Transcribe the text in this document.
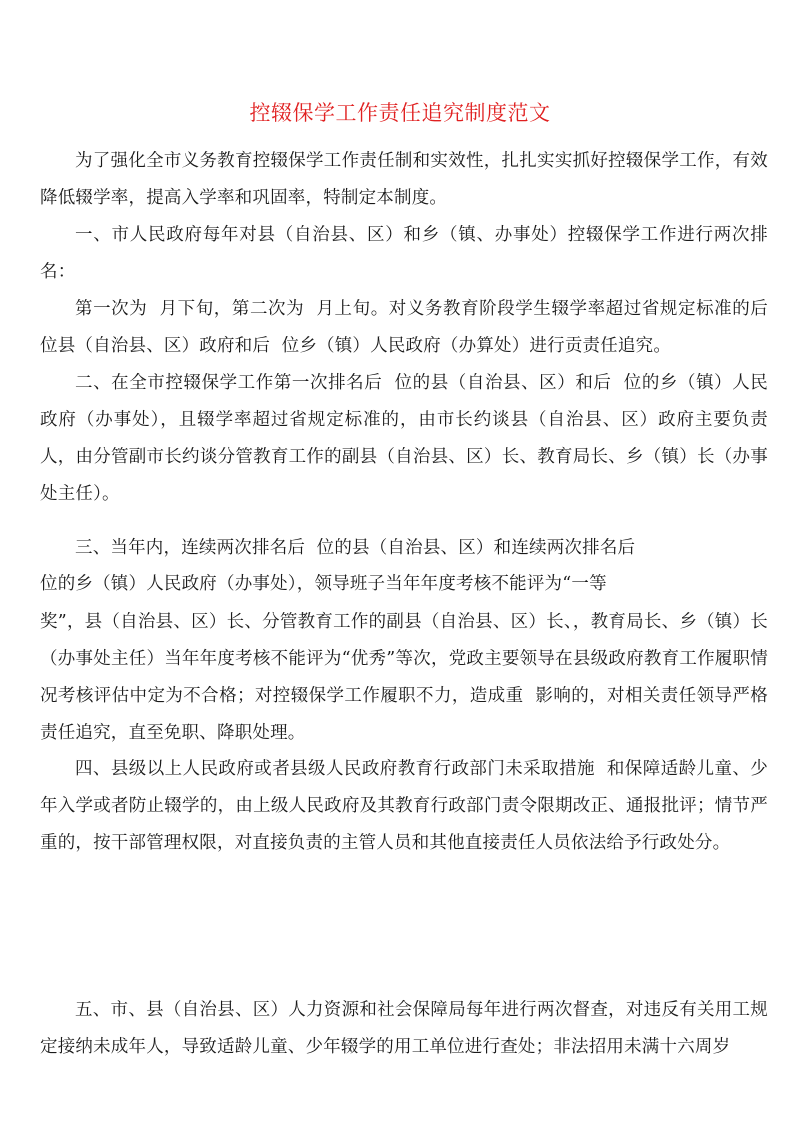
控辍保学工作责任追究制度范文

为了强化全市义务教育控辍保学工作责任制和实效性，扎扎实实抓好控辍保学工作，有效降低辍学率，提高入学率和巩固率，特制定本制度。

一、市人民政府每年对县（自治县、区）和乡（镇、办事处）控辍保学工作进行两次排名：

第一次为  月下旬，第二次为  月上旬。对义务教育阶段学生辍学率超过省规定标准的后位县（自治县、区）政府和后  位乡（镇）人民政府（办算处）进行贡责任追究。

二、在全市控辍保学工作第一次排名后  位的县（自治县、区）和后  位的乡（镇）人民政府（办事处），且辍学率超过省规定标准的，由市长约谈县（自治县、区）政府主要负责人，由分管副市长约谈分管教育工作的副县（自治县、区）长、教育局长、乡（镇）长（办事处主任）。

三、当年内，连续两次排名后  位的县（自治县、区）和连续两次排名后
位的乡（镇）人民政府（办事处），领导班子当年年度考核不能评为“一等

奖”，县（自治县、区）长、分管教育工作的副县（自治县、区）长、，教育局长、乡（镇）长（办事处主任）当年年度考核不能评为“优秀”等次，党政主要领导在县级政府教育工作履职情况考核评估中定为不合格；对控辍保学工作履职不力，造成重  影响的，对相关责任领导严格责任追究，直至免职、降职处理。

四、县级以上人民政府或者县级人民政府教育行政部门未采取措施  和保障适龄儿童、少年入学或者防止辍学的，由上级人民政府及其教育行政部门责令限期改正、通报批评；情节严重的，按干部管理权限，对直接负责的主管人员和其他直接责任人员依法给予行政处分。

五、市、县（自治县、区）人力资源和社会保障局每年进行两次督查，对违反有关用工规定接纳未成年人，导致适龄儿童、少年辍学的用工单位进行查处；非法招用未满十六周岁
